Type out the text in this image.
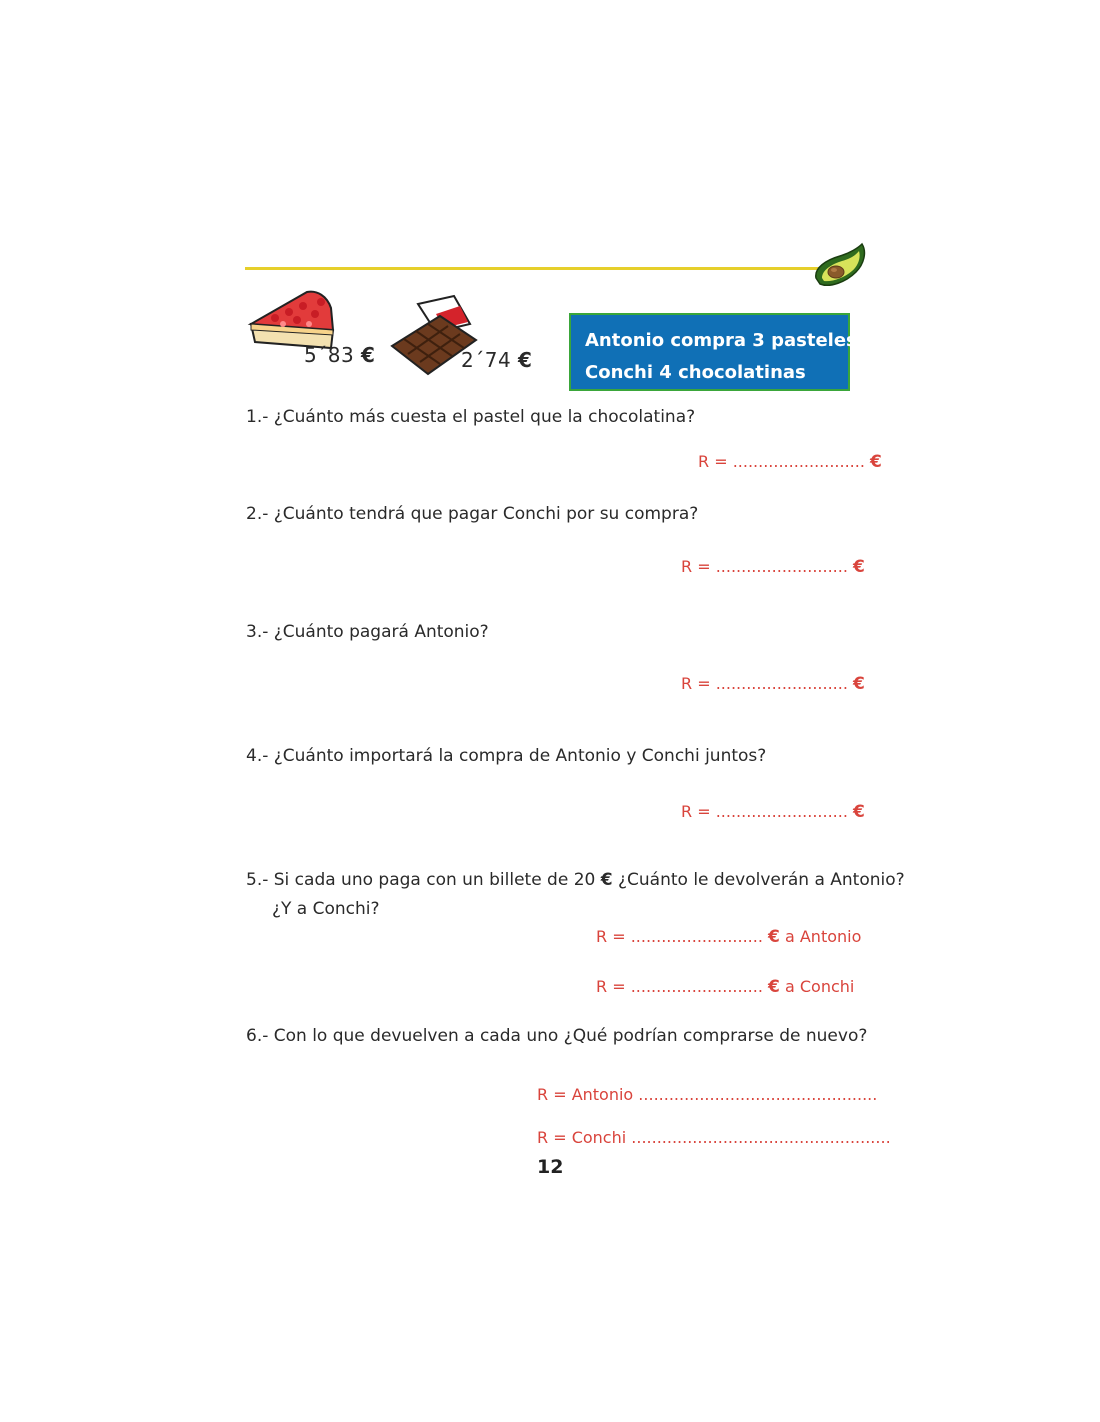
5´83 €	2´74 €
Antonio compra 3 pasteles
Conchi 4 chocolatinas
1.- ¿Cuánto más cuesta el pastel que la chocolatina?
R = .......................... €
2.- ¿Cuánto tendrá que pagar Conchi por su compra?
R = .......................... €
3.- ¿Cuánto pagará Antonio?
R = .......................... €
4.- ¿Cuánto importará la compra de Antonio y Conchi juntos?
R = .......................... €
5.- Si cada uno paga con un billete de 20 € ¿Cuánto le devolverán a Antonio?
¿Y a Conchi?
R = .......................... € a Antonio
R = .......................... € a Conchi
6.- Con lo que devuelven a cada uno ¿Qué podrían comprarse de nuevo?
R = Antonio ...............................................
R = Conchi ...................................................
12
